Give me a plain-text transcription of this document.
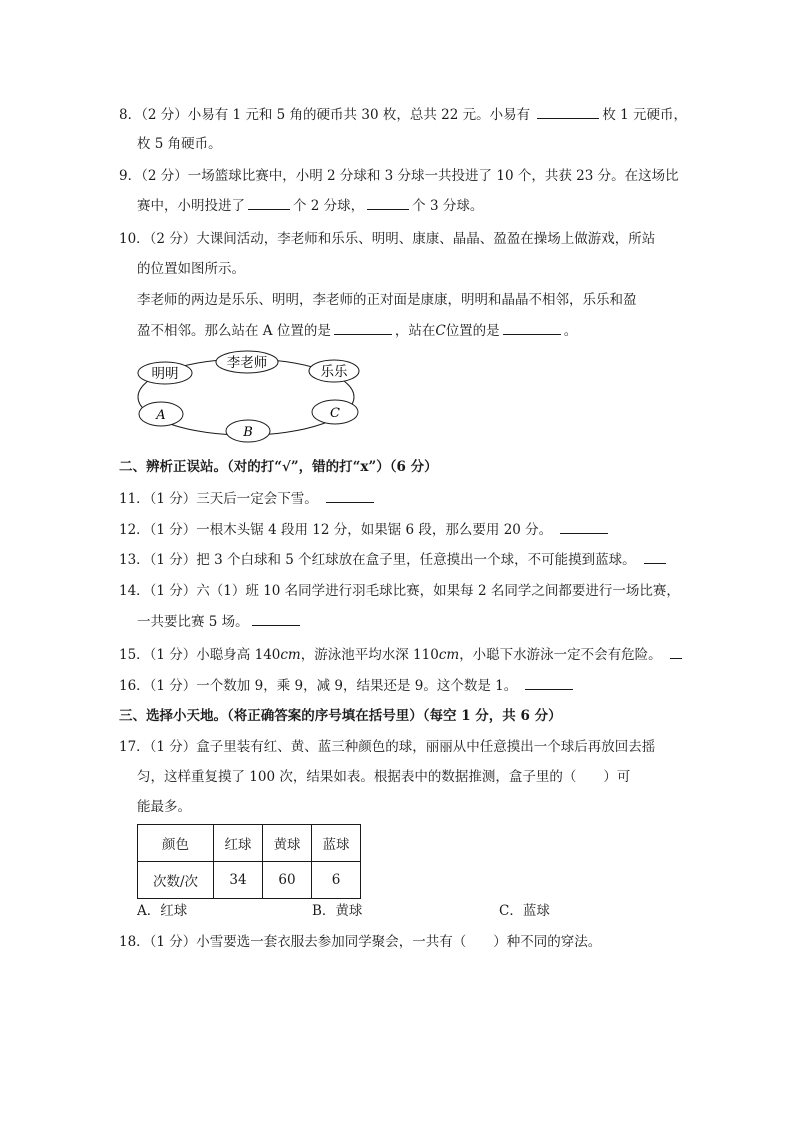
8．（2 分）小易有 1 元和 5 角的硬币共 30 枚，总共 22 元。小易有	枚 1 元硬币，
枚 5 角硬币。
9．（2 分）一场篮球比赛中，小明 2 分球和 3 分球一共投进了 10 个，共获 23 分。在这场比
赛中，小明投进了	个 2 分球，	个 3 分球。
10．（2 分）大课间活动，李老师和乐乐、明明、康康、晶晶、盈盈在操场上做游戏，所站
的位置如图所示。
李老师的两边是乐乐、明明，李老师的正对面是康康，明明和晶晶不相邻，乐乐和盈
盈不相邻。那么站在 A 位置的是	，站在C位置的是	。
李老师
明明	乐乐
A	C
B
二、辨析正误站。（对的打“√”，错的打“x”）（6 分）
11．（1 分）三天后一定会下雪。
12．（1 分）一根木头锯 4 段用 12 分，如果锯 6 段，那么要用 20 分。
13．（1 分）把 3 个白球和 5 个红球放在盒子里，任意摸出一个球，不可能摸到蓝球。
14．（1 分）六（1）班 10 名同学进行羽毛球比赛，如果每 2 名同学之间都要进行一场比赛，
一共要比赛 5 场。
15．（1 分）小聪身高 140cm，游泳池平均水深 110cm，小聪下水游泳一定不会有危险。
16．（1 分）一个数加 9，乘 9，减 9，结果还是 9。这个数是 1。
三、选择小天地。（将正确答案的序号填在括号里）（每空 1 分，共 6 分）
17．（1 分）盒子里装有红、黄、蓝三种颜色的球，丽丽从中任意摸出一个球后再放回去摇
匀，这样重复摸了 100 次，结果如表。根据表中的数据推测，盒子里的（　　）可
能最多。
颜色	红球	黄球	蓝球
次数/次	34	60	6
A．红球	B．黄球	C．蓝球
18．（1 分）小雪要选一套衣服去参加同学聚会，一共有（　　）种不同的穿法。
